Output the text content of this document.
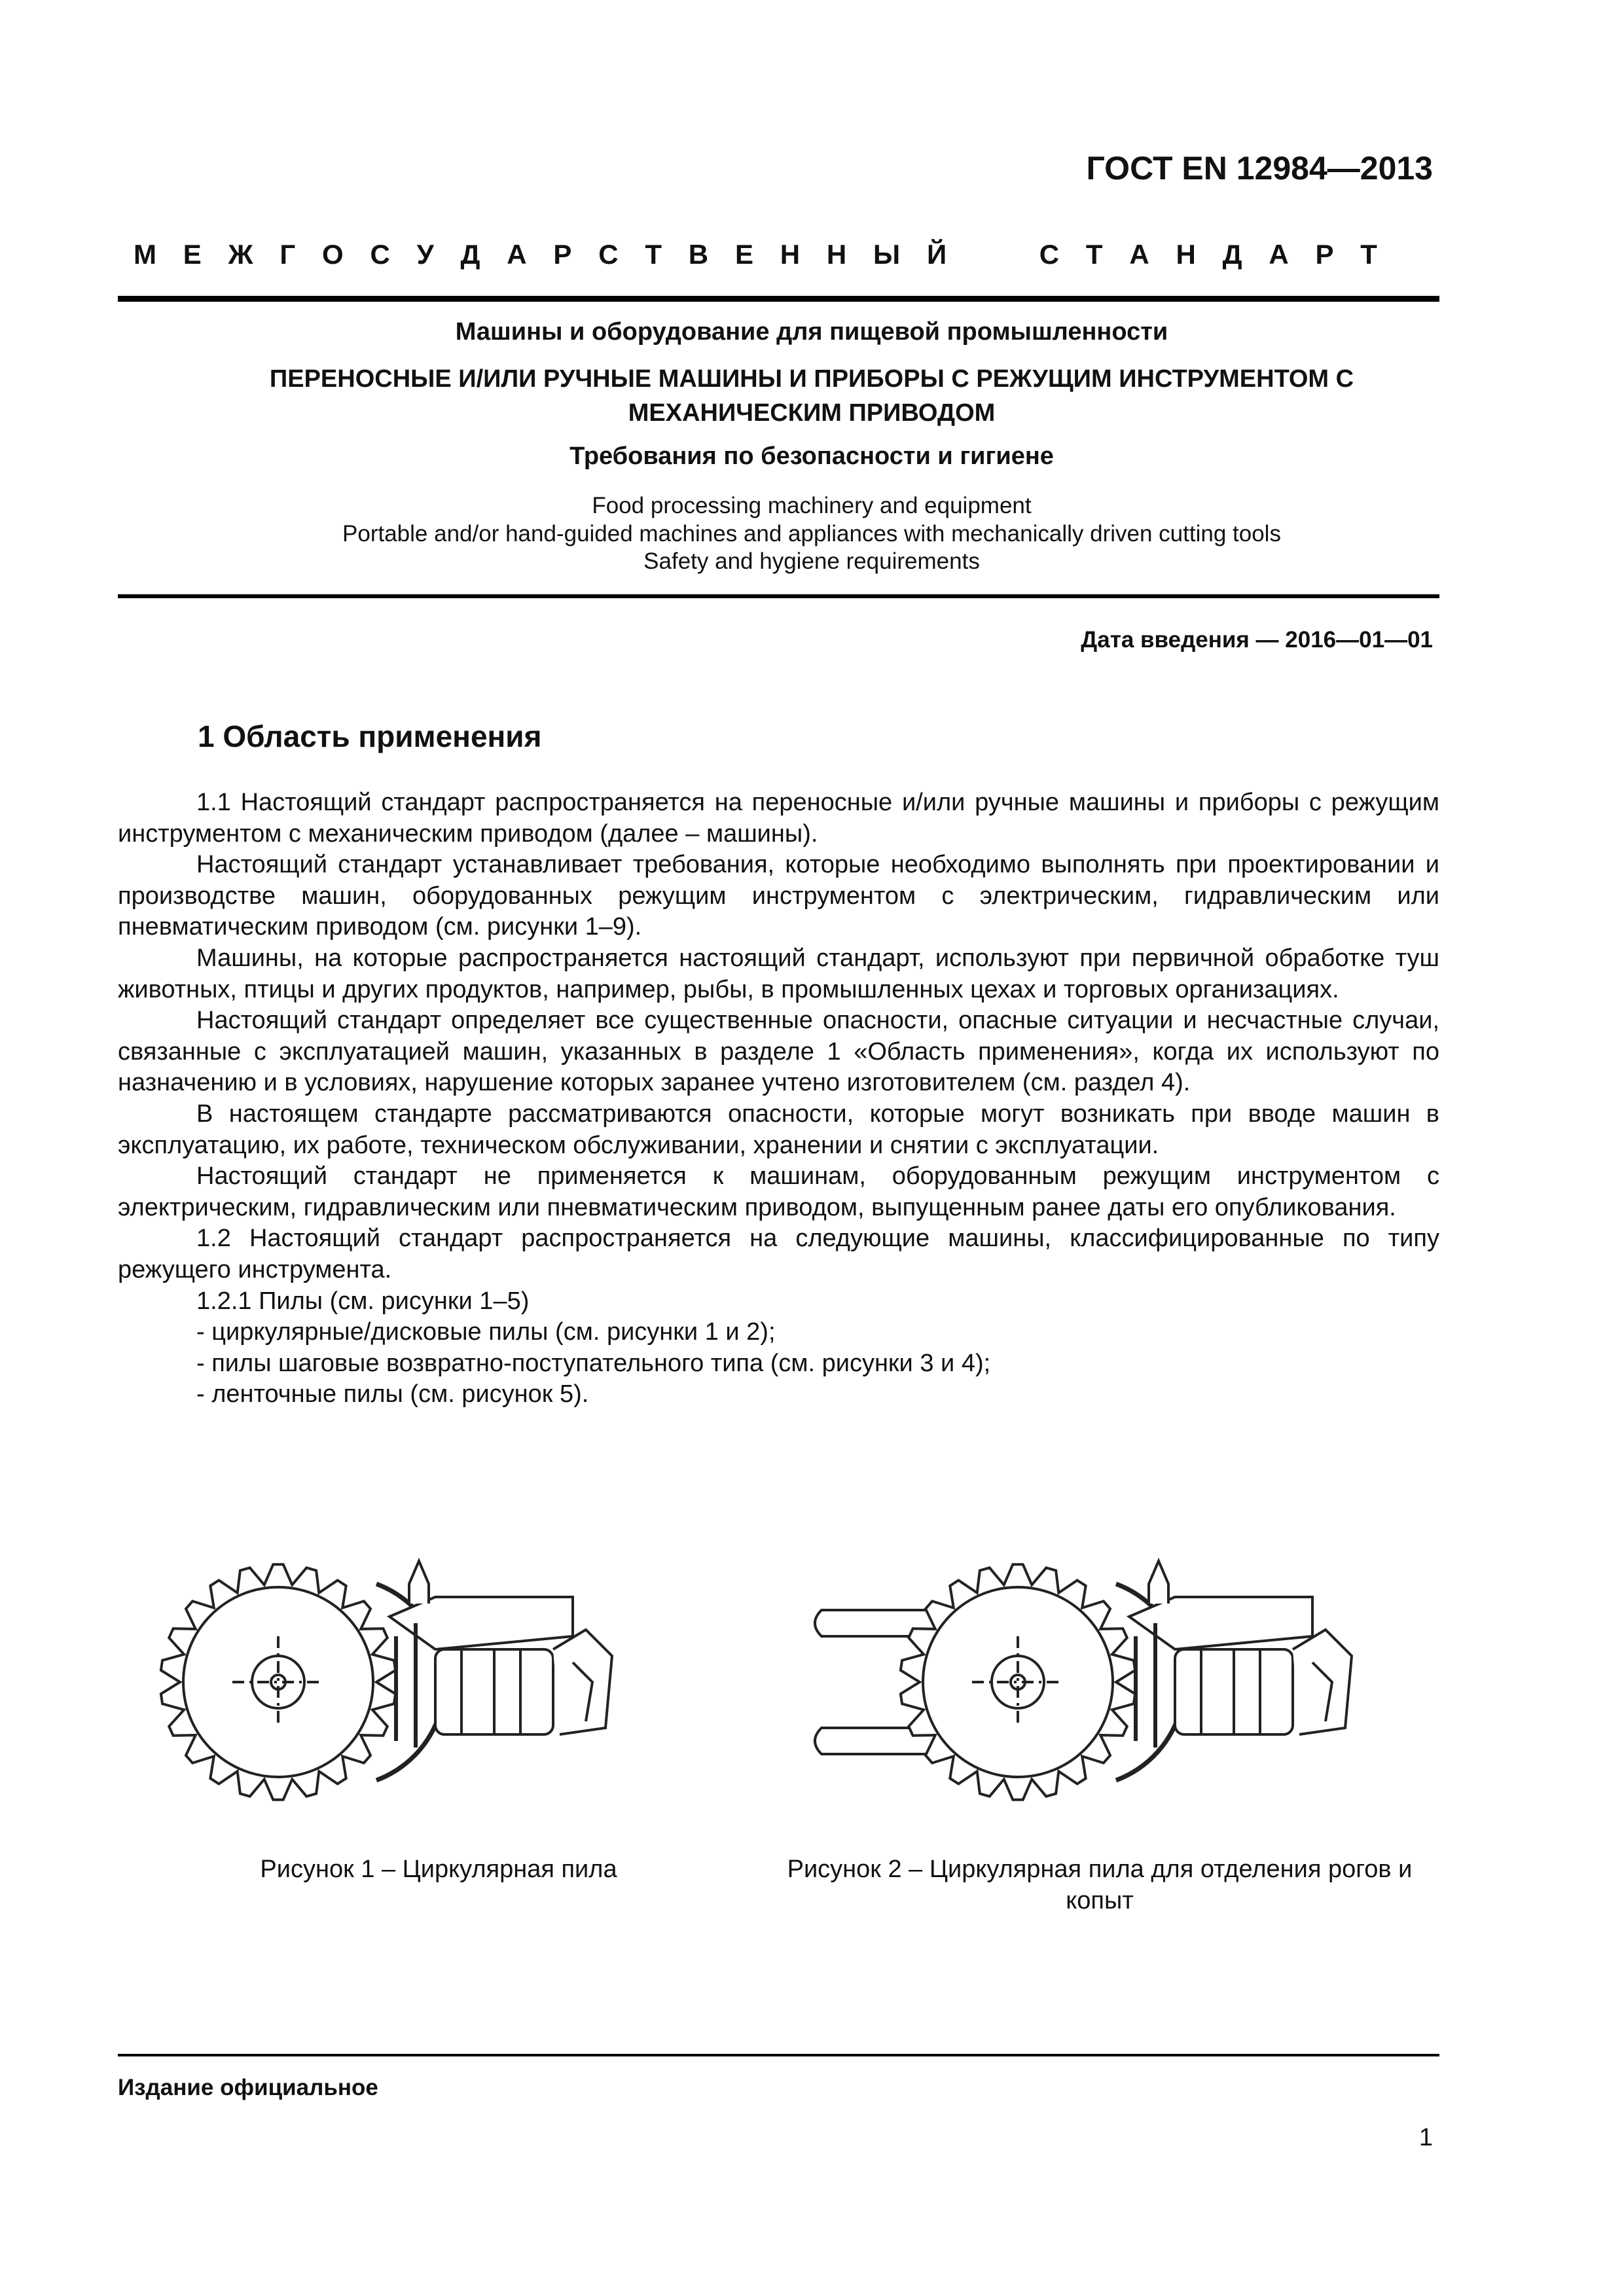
ГОСТ EN 12984—2013
М Е Ж Г О С У Д А Р С Т В Е Н Н Ы Й	С Т А Н Д А Р Т
Машины и оборудование для пищевой промышленности
ПЕРЕНОСНЫЕ И/ИЛИ РУЧНЫЕ МАШИНЫ И ПРИБОРЫ С РЕЖУЩИМ ИНСТРУМЕНТОМ С МЕХАНИЧЕСКИМ ПРИВОДОМ
Требования по безопасности и гигиене
Food processing machinery and equipment
Portable and/or hand-guided machines and appliances with mechanically driven cutting tools
Safety and hygiene requirements
Дата введения — 2016—01—01
1 Область применения

1.1 Настоящий стандарт распространяется на переносные и/или ручные машины и приборы с режущим инструментом с механическим приводом (далее – машины).

Настоящий стандарт устанавливает требования, которые необходимо выполнять при проектировании и производстве машин, оборудованных режущим инструментом с электрическим, гидравлическим или пневматическим приводом (см. рисунки 1–9).

Машины, на которые распространяется настоящий стандарт, используют при первичной обработке туш животных, птицы и других продуктов, например, рыбы, в промышленных цехах и торговых организациях.

Настоящий стандарт определяет все существенные опасности, опасные ситуации и несчастные случаи, связанные с эксплуатацией машин, указанных в разделе 1 «Область применения», когда их используют по назначению и в условиях, нарушение которых заранее учтено изготовителем (см. раздел 4).

В настоящем стандарте рассматриваются опасности, которые могут возникать при вводе машин в эксплуатацию, их работе, техническом обслуживании, хранении и снятии с эксплуатации.

Настоящий стандарт не применяется к машинам, оборудованным режущим инструментом с электрическим, гидравлическим или пневматическим приводом, выпущенным ранее даты его опубликования.

1.2 Настоящий стандарт распространяется на следующие машины, классифицированные по типу режущего инструмента.

1.2.1 Пилы (см. рисунки 1–5)

- циркулярные/дисковые пилы (см. рисунки 1 и 2);

- пилы шаговые возвратно-поступательного типа (см. рисунки 3 и 4);

- ленточные пилы (см. рисунок 5).

Рисунок 1 – Циркулярная пила	Рисунок 2 – Циркулярная пила для отделения рогов и копыт
Издание официальное
1
